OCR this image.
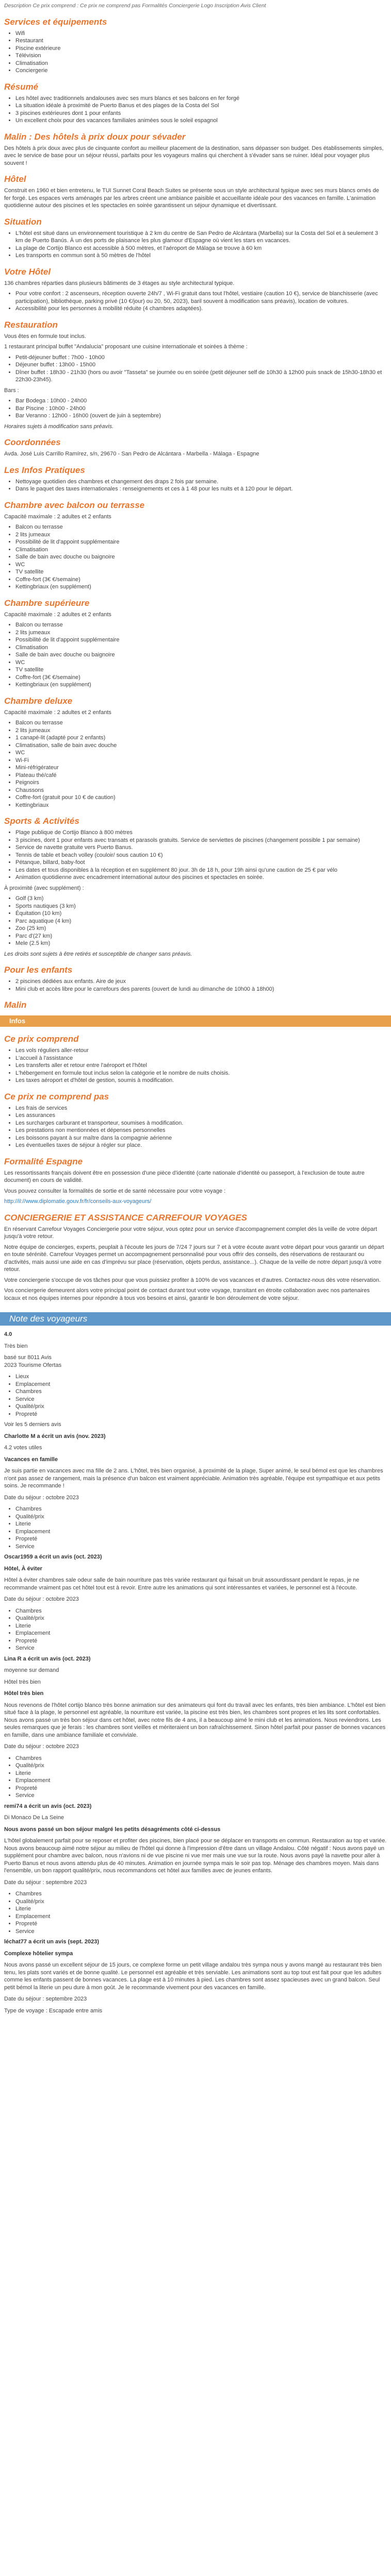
Description Ce prix comprend : Ce prix ne comprend pas Formalités Conciergerie Logo Inscription Avis Client

Services et équipements
• Wifi
• Restaurant
• Piscine extérieure
• Télévision
• Climatisation
• Conciergerie
Résumé
• Les hôtel avec traditionnels andalouses avec ses murs blancs et ses balcons en fer forgé
• La situation idéale à proximité de Puerto Banus et des plages de la Costa del Sol
• 3 piscines extérieures dont 1 pour enfants
• Un excellent choix pour des vacances familiales animées sous le soleil espagnol
Malin : Des hôtels à prix doux pour sévader

Des hôtels à prix doux avec plus de cinquante confort au meilleur placement de la destination, sans dépasser son budget. Des établissements simples, avec le service de base pour un séjour réussi, parfaits pour les voyageurs malins qui cherchent à s'évader sans se ruiner. Idéal pour voyager plus souvent !

Hôtel

Construit en 1960 et bien entretenu, le TUI Sunnet Coral Beach Suites se présente sous un style architectural typique avec ses murs blancs ornés de fer forgé. Les espaces verts aménagés par les arbres créent une ambiance paisible et accueillante idéale pour des vacances en famille. L'animation quotidienne autour des piscines et les spectacles en soirée garantissent un séjour dynamique et divertissant.

Situation
• L'hôtel est situé dans un environnement touristique à 2 km du centre de San Pedro de Alcántara (Marbella) sur la Costa del Sol et à seulement 3 km de Puerto Banús. À un des ports de plaisance les plus glamour d'Espagne où vient les stars en vacances.
• La plage de Cortijo Blanco est accessible à 500 mètres, et l'aéroport de Málaga se trouve à 60 km
• Les transports en commun sont à 50 mètres de l'hôtel
Votre Hôtel

136 chambres réparties dans plusieurs bâtiments de 3 étages au style architectural typique.

• Pour votre confort : 2 ascenseurs, réception ouverte 24h/7 , Wi-Fi gratuit dans tout l'hôtel, vestiaire (caution 10 €), service de blanchisserie (avec participation), bibliothèque, parking privé (10 €/jour) ou 20, 50, 2023), baril souvent à modification sans préavis), location de voitures.
• Accessibilité pour les personnes à mobilité réduite (4 chambres adaptées).
Restauration

Vous êtes en formule tout inclus.

1 restaurant principal buffet "Andalucia" proposant une cuisine internationale et soirées à thème :

• Petit-déjeuner buffet : 7h00 - 10h00
• Déjeuner buffet : 13h00 - 15h00
• Dîner buffet : 18h30 - 21h30 (hors ou avoir "Tasseta" se journée ou en soirée (petit déjeuner self de 10h30 à 12h00 puis snack de 15h30-18h30 et 22h30-23h45).

Bars :

• Bar Bodega : 10h00 - 24h00
• Bar Piscine : 10h00 - 24h00
• Bar Veranno : 12h00 - 16h00 (ouvert de juin à septembre)

Horaires sujets à modification sans préavis.

Coordonnées

Avda. José Luis Carrillo Ramírez, s/n, 29670 - San Pedro de Alcántara - Marbella - Málaga - Espagne

Les Infos Pratiques
• Nettoyage quotidien des chambres et changement des draps 2 fois par semaine.
• Dans le paquet des taxes internationales : renseignements et ces à 1 48 pour les nuits et à 120 pour le départ.
Chambre avec balcon ou terrasse

Capacité maximale : 2 adultes et 2 enfants

• Balcon ou terrasse
• 2 lits jumeaux
• Possibilité de lit d'appoint supplémentaire
• Climatisation
• Salle de bain avec douche ou baignoire
• WC
• TV satellite
• Coffre-fort (3€ €/semaine)
• Kettingbriaux (en supplément)
Chambre supérieure

Capacité maximale : 2 adultes et 2 enfants

• Balcon ou terrasse
• 2 lits jumeaux
• Possibilité de lit d'appoint supplémentaire
• Climatisation
• Salle de bain avec douche ou baignoire
• WC
• TV satellite
• Coffre-fort (3€ €/semaine)
• Kettingbriaux (en supplément)
Chambre deluxe

Capacité maximale : 2 adultes et 2 enfants

• Balcon ou terrasse
• 2 lits jumeaux
• 1 canapé-lit (adapté pour 2 enfants)
• Climatisation, salle de bain avec douche
• WC
• Wi-Fi
• Mini-réfrigérateur
• Plateau thé/café
• Peignoirs
• Chaussons
• Coffre-fort (gratuit pour 10 € de caution)
• Kettingbriaux
Sports & Activités
• Plage publique de Cortijo Blanco à 800 mètres
• 3 piscines, dont 1 pour enfants avec transats et parasols gratuits. Service de serviettes de piscines (changement possible 1 par semaine)
• Service de navette gratuite vers Puerto Banus.
• Tennis de table et beach volley (couloir/ sous caution 10 €)
• Pétanque, billard, baby-foot
• Les dates et tous disponibles à la réception et en supplément 80 jour. 3h de 18 h, pour 19h ainsi qu'une caution de 25 € par vélo
• Animation quotidienne avec encadrement international autour des piscines et spectacles en soirée.

À proximité (avec supplément) :

• Golf (3 km)
• Sports nautiques (3 km)
• Équitation (10 km)
• Parc aquatique (4 km)
• Zoo (25 km)
• Parc d'(27 km)
• Mele (2.5 km)

Les droits sont sujets à être retirés et susceptible de changer sans préavis.

Pour les enfants
• 2 piscines dédiées aux enfants. Aire de jeux
• Mini club et accès libre pour le carrefours des parents (ouvert de lundi au dimanche de 10h00 à 18h00)
Malin
Infos
Ce prix comprend
• Les vols réguliers aller-retour
• L'accueil à l'assistance
• Les transferts aller et retour entre l'aéroport et l'hôtel
• L'hébergement en formule tout inclus selon la catégorie et le nombre de nuits choisis.
• Les taxes aéroport et d'hôtel de gestion, soumis à modification.
Ce prix ne comprend pas
• Les frais de services
• Les assurances
• Les surcharges carburant et transporteur, soumises à modification.
• Les prestations non mentionnées et dépenses personnelles
• Les boissons payant à sur maître dans la compagnie aérienne
• Les éventuelles taxes de séjour à régler sur place.
Formalité Espagne

Les ressortissants français doivent être en possession d'une pièce d'identité (carte nationale d'identité ou passeport, à l'exclusion de toute autre document) en cours de validité.

Vous pouvez consulter la formalités de sortie et de santé nécessaire pour votre voyage :

http://il://www.diplomatie.gouv.fr/fr/conseils-aux-voyageurs/

CONCIERGERIE ET ASSISTANCE CARREFOUR VOYAGES

En réservant Carrefour Voyages Conciergerie pour votre séjour, vous optez pour un service d'accompagnement complet dès la veille de votre départ jusqu'à votre retour.

Notre équipe de concierges, experts, peuplait à l'écoute les jours de 7/24 7 jours sur 7 et à votre écoute avant votre départ pour vous garantir un départ en toute sérénité. Carrefour Voyages permet un accompagnement personnalisé pour vous offrir des conseils, des réservations de restaurant ou d'activités, mais aussi une aide en cas d'imprévu sur place (réservation, objets perdus, assistance...). Chaque de la veille de notre départ jusqu'à votre retour.

Votre conciergerie s'occupe de vos tâches pour que vous puissiez profiter à 100% de vos vacances et d'autres. Contactez-nous dès votre réservation.

Vos conciergerie demeurent alors votre principal point de contact durant tout votre voyage, transitant en étroite collaboration avec nos partenaires locaux et nos équipes internes pour répondre à tous vos besoins et ainsi, garantir le bon déroulement de votre séjour.

Note des voyageurs

4.0

Très bien

basé sur 8011 Avis

2023 Tourisme Ofertas

• Lieux
• Emplacement
• Chambres
• Service
• Qualité/prix
• Propreté

Voir les 5 derniers avis

Charlotte M a écrit un avis (nov. 2023)

4.2 votes utiles

Vacances en famille

Je suis partie en vacances avec ma fille de 2 ans. L'hôtel, très bien organisé, à proximité de la plage, Super animé, le seul bémol est que les chambres n'ont pas assez de rangement, mais la présence d'un balcon est vraiment appréciable. Animation très agréable, l'équipe est sympathique et aux petits soins. Je recommande !

Date du séjour : octobre 2023

• Chambres
• Qualité/prix
• Literie
• Emplacement
• Propreté
• Service

Oscar1959 a écrit un avis (oct. 2023)

Hôtel, À éviter

Hôtel à éviter chambres sale odeur salle de bain nourriture pas très variée restaurant qui faisait un bruit assourdissant pendant le repas, je ne recommande vraiment pas cet hôtel tout est à revoir. Entre autre les animations qui sont intéressantes et variées, le personnel est à l'écoute.

Date du séjour : octobre 2023

• Chambres
• Qualité/prix
• Literie
• Emplacement
• Propreté
• Service

Lina R a écrit un avis (oct. 2023)

moyenne sur demand

Hôtel très bien

Hôtel très bien

Nous revenons de l'hôtel cortijo blanco très bonne animation sur des animateurs qui font du travail avec les enfants, très bien ambiance. L'hôtel est bien situé face à la plage, le personnel est agréable, la nourriture est variée, la piscine est très bien, les chambres sont propres et les lits sont confortables. Nous avons passé un très bon séjour dans cet hôtel, avec notre fils de 4 ans, il a beaucoup aimé le mini club et les animations. Nous reviendrons. Les seules remarques que je ferais : les chambres sont vieilles et mériteraient un bon rafraîchissement. Sinon hôtel parfait pour passer de bonnes vacances en famille, dans une ambiance familiale et conviviale.

Date du séjour : octobre 2023

• Chambres
• Qualité/prix
• Literie
• Emplacement
• Propreté
• Service

remi74 a écrit un avis (oct. 2023)

Di Monaco De La Seine

Nous avons passé un bon séjour malgré les petits désagréments côté ci-dessus

L'hôtel globalement parfait pour se reposer et profiter des piscines, bien placé pour se déplacer en transports en commun. Restauration au top et variée. Nous avons beaucoup aimé notre séjour au milieu de l'hôtel qui donne à l'impression d'être dans un village Andalou. Côté négatif : Nous avons payé un supplément pour chambre avec balcon, nous n'avions ni de vue piscine ni vue mer mais une vue sur la route. Nous avons payé la navette pour aller à Puerto Banus et nous avons attendu plus de 40 minutes. Animation en journée sympa mais le soir pas top. Ménage des chambres moyen. Mais dans l'ensemble, un bon rapport qualité/prix, nous recommandons cet hôtel aux familles avec de jeunes enfants.

Date du séjour : septembre 2023

• Chambres
• Qualité/prix
• Literie
• Emplacement
• Propreté
• Service

léchat77 a écrit un avis (sept. 2023)

Complexe hôtelier sympa

Nous avons passé un excellent séjour de 15 jours, ce complexe forme un petit village andalou très sympa nous y avons mangé au restaurant très bien tenu, les plats sont variés et de bonne qualité. Le personnel est agréable et très serviable. Les animations sont au top tout est fait pour que les adultes comme les enfants passent de bonnes vacances. La plage est à 10 minutes à pied. Les chambres sont assez spacieuses avec un grand balcon. Seul petit bémol la literie un peu dure à mon goût. Je le recommande vivement pour des vacances en famille.

Date du séjour : septembre 2023

Type de voyage : Escapade entre amis
